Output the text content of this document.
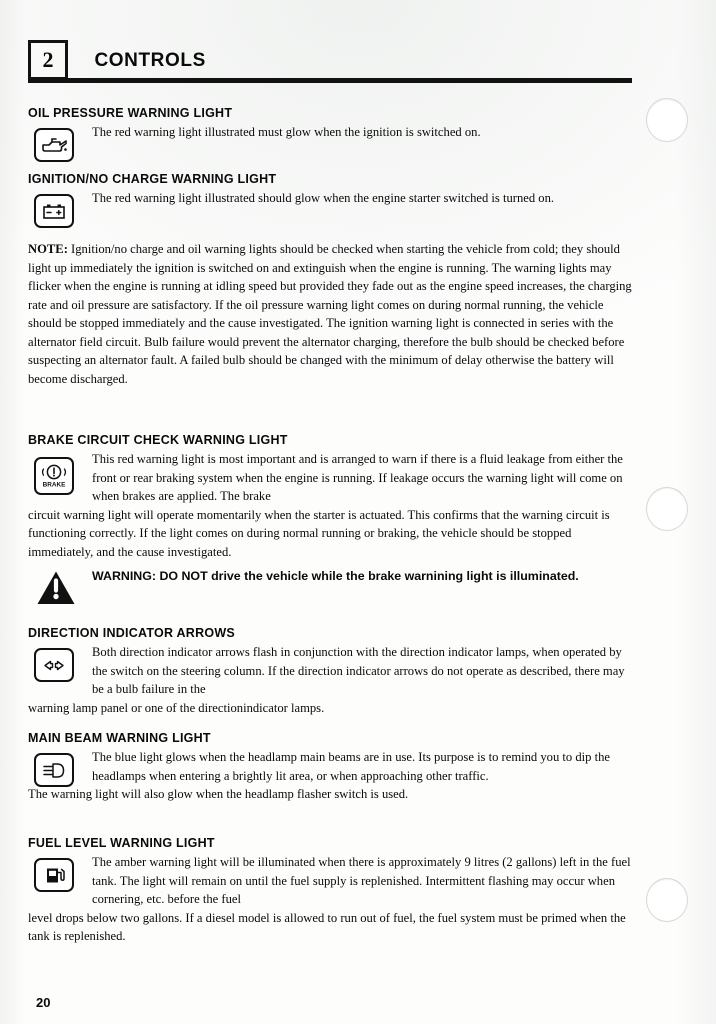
2 CONTROLS
OIL PRESSURE WARNING LIGHT
The red warning light illustrated must glow when the ignition is switched on.
IGNITION/NO CHARGE WARNING LIGHT
The red warning light illustrated should glow when the engine starter switched is turned on.

NOTE: Ignition/no charge and oil warning lights should be checked when starting the vehicle from cold; they should light up immediately the ignition is switched on and extinguish when the engine is running. The warning lights may flicker when the engine is running at idling speed but provided they fade out as the engine speed increases, the charging rate and oil pressure are satisfactory. If the oil pressure warning light comes on during normal running, the vehicle should be stopped immediately and the cause investigated. The ignition warning light is connected in series with the alternator field circuit. Bulb failure would prevent the alternator charging, therefore the bulb should be checked before suspecting an alternator fault. A failed bulb should be changed with the minimum of delay otherwise the battery will become discharged.

BRAKE CIRCUIT CHECK WARNING LIGHT
BRAKE
This red warning light is most important and is arranged to warn if there is a fluid leakage from either the front or rear braking system when the engine is running. If leakage occurs the warning light will come on when brakes are applied. The brake
circuit warning light will operate momentarily when the starter is actuated. This confirms that the warning circuit is functioning correctly. If the light comes on during normal running or braking, the vehicle should be stopped immediately, and the cause investigated.
WARNING: DO NOT drive the vehicle while the brake warnining light is illuminated.
DIRECTION INDICATOR ARROWS
Both direction indicator arrows flash in conjunction with the direction indicator lamps, when operated by the switch on the steering column. If the direction indicator arrows do not operate as described, there may be a bulb failure in the
warning lamp panel or one of the directionindicator lamps.
MAIN BEAM WARNING LIGHT
The blue light glows when the headlamp main beams are in use. Its purpose is to remind you to dip the headlamps when entering a brightly lit area, or when approaching other traffic.
The warning light will also glow when the headlamp flasher switch is used.
FUEL LEVEL WARNING LIGHT
The amber warning light will be illuminated when there is approximately 9 litres (2 gallons) left in the fuel tank. The light will remain on until the fuel supply is replenished. Intermittent flashing may occur when cornering, etc. before the fuel
level drops below two gallons. If a diesel model is allowed to run out of fuel, the fuel system must be primed when the tank is replenished.
20
